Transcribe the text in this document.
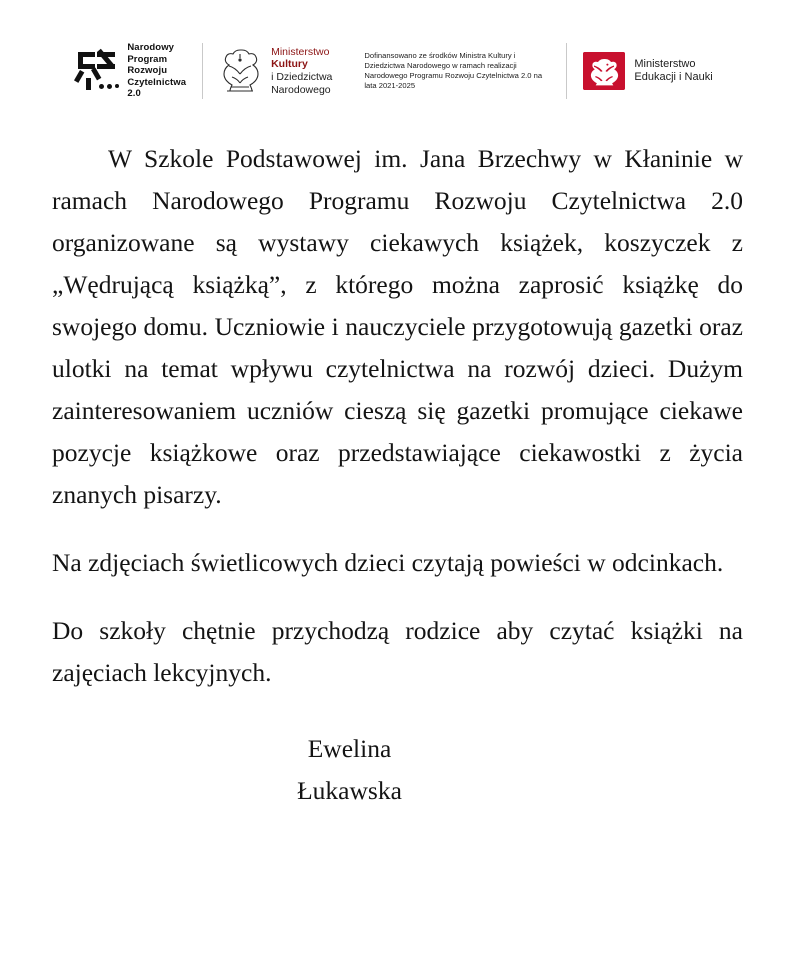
Narodowy
Program
Rozwoju
Czytelnictwa
2.0
Ministerstwo
Kultury
i Dziedzictwa
Narodowego
Dofinansowano ze środków Ministra Kultury i Dziedzictwa Narodowego w ramach realizacji Narodowego Programu Rozwoju Czytelnictwa 2.0 na lata 2021-2025
Ministerstwo
Edukacji i Nauki

W Szkole Podstawowej im. Jana Brzechwy w Kłaninie w ramach Narodowego Programu Rozwoju Czytelnictwa 2.0 organizowane są wystawy ciekawych książek, koszyczek z „Wędrującą książką”, z którego można zaprosić książkę do swojego domu. Uczniowie i nauczyciele przygotowują gazetki oraz ulotki na temat wpływu czytelnictwa na rozwój dzieci. Dużym zainteresowaniem uczniów cieszą się gazetki promujące ciekawe pozycje książkowe oraz przedstawiające ciekawostki z życia znanych pisarzy.

Na zdjęciach świetlicowych dzieci czytają powieści w odcinkach.

Do szkoły chętnie przychodzą rodzice aby czytać książki na zajęciach lekcyjnych.

Ewelina
Łukawska
